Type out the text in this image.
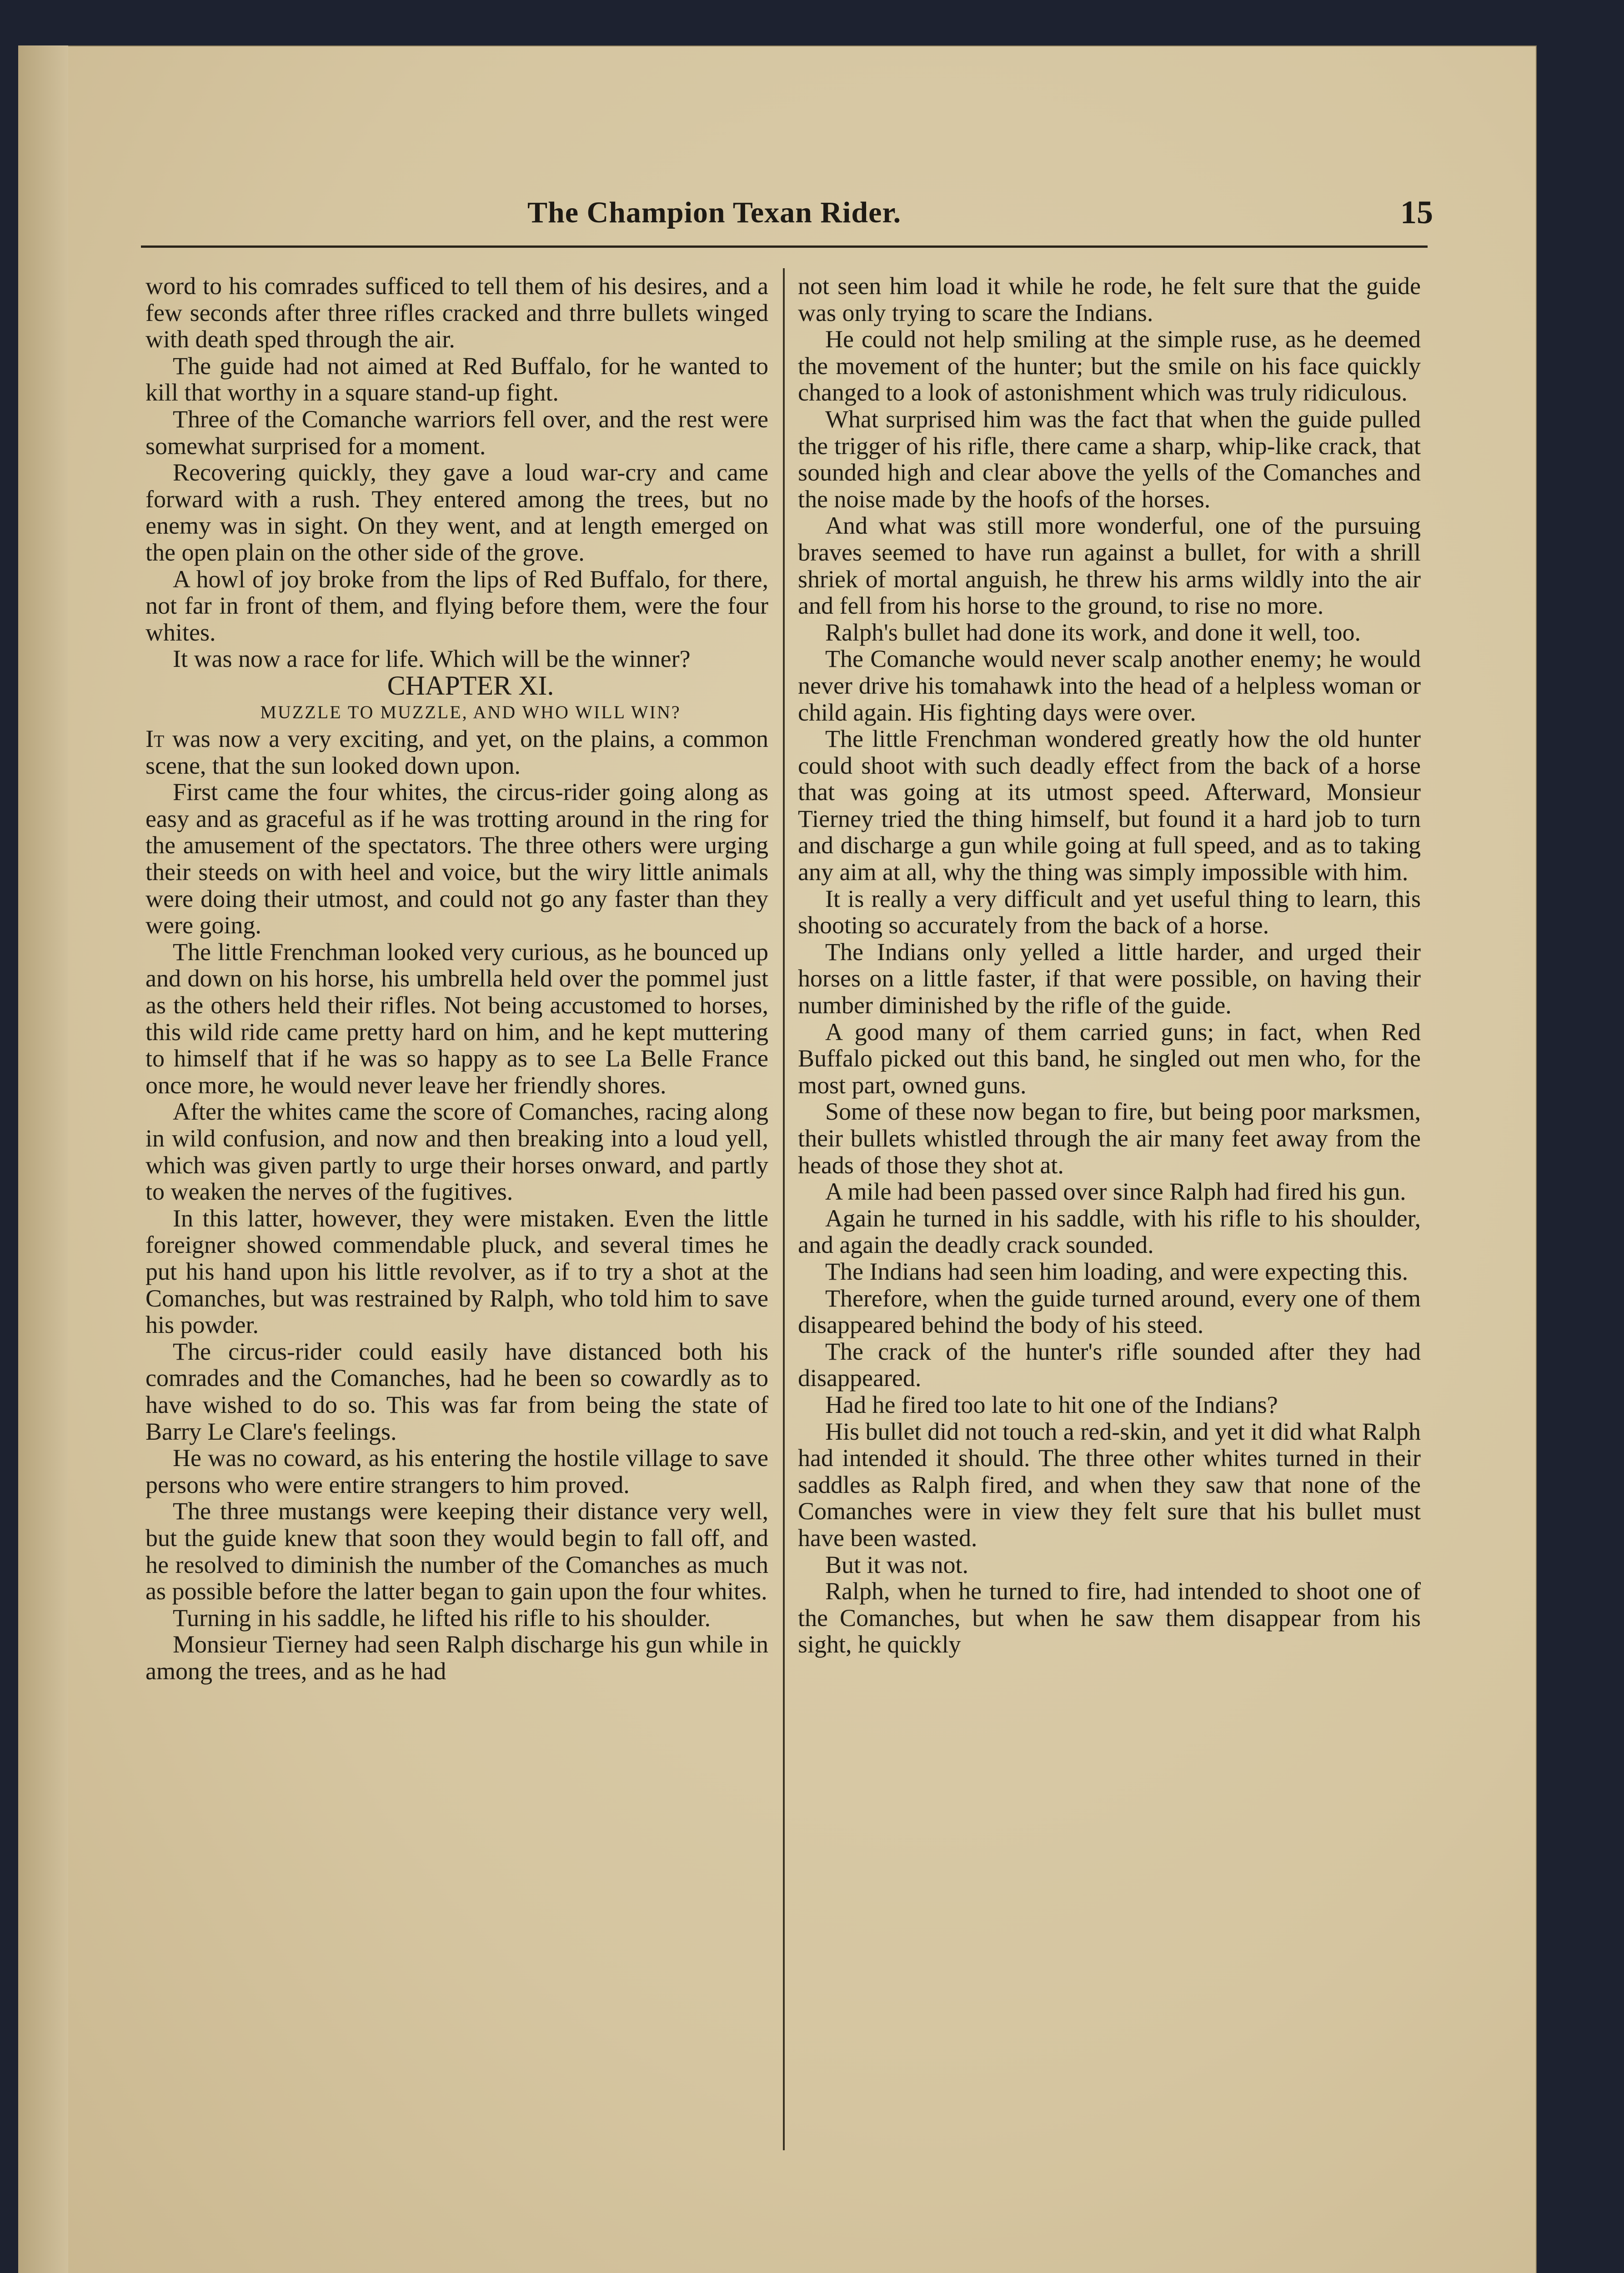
The Champion Texan Rider.	15

word to his comrades sufficed to tell them of his desires, and a few seconds after three rifles cracked and thrre bullets winged with death sped through the air.

The guide had not aimed at Red Buffalo, for he wanted to kill that worthy in a square stand-up fight.

Three of the Comanche warriors fell over, and the rest were somewhat surprised for a moment.

Recovering quickly, they gave a loud war-cry and came forward with a rush. They entered among the trees, but no enemy was in sight. On they went, and at length emerged on the open plain on the other side of the grove.

A howl of joy broke from the lips of Red Buffalo, for there, not far in front of them, and flying before them, were the four whites.

It was now a race for life. Which will be the winner?

CHAPTER XI.

MUZZLE TO MUZZLE, AND WHO WILL WIN?

It was now a very exciting, and yet, on the plains, a common scene, that the sun looked down upon.

First came the four whites, the circus-rider going along as easy and as graceful as if he was trotting around in the ring for the amusement of the spectators. The three others were urging their steeds on with heel and voice, but the wiry little animals were doing their utmost, and could not go any faster than they were going.

The little Frenchman looked very curious, as he bounced up and down on his horse, his umbrella held over the pommel just as the others held their rifles. Not being accustomed to horses, this wild ride came pretty hard on him, and he kept muttering to himself that if he was so happy as to see La Belle France once more, he would never leave her friendly shores.

After the whites came the score of Comanches, racing along in wild confusion, and now and then breaking into a loud yell, which was given partly to urge their horses onward, and partly to weaken the nerves of the fugitives.

In this latter, however, they were mistaken. Even the little foreigner showed commendable pluck, and several times he put his hand upon his little revolver, as if to try a shot at the Comanches, but was restrained by Ralph, who told him to save his powder.

The circus-rider could easily have distanced both his comrades and the Comanches, had he been so cowardly as to have wished to do so. This was far from being the state of Barry Le Clare's feelings.

He was no coward, as his entering the hostile village to save persons who were entire strangers to him proved.

The three mustangs were keeping their distance very well, but the guide knew that soon they would begin to fall off, and he resolved to diminish the number of the Comanches as much as possible before the latter began to gain upon the four whites.

Turning in his saddle, he lifted his rifle to his shoulder.

Monsieur Tierney had seen Ralph discharge his gun while in among the trees, and as he had

not seen him load it while he rode, he felt sure that the guide was only trying to scare the Indians.

He could not help smiling at the simple ruse, as he deemed the movement of the hunter; but the smile on his face quickly changed to a look of astonishment which was truly ridiculous.

What surprised him was the fact that when the guide pulled the trigger of his rifle, there came a sharp, whip-like crack, that sounded high and clear above the yells of the Comanches and the noise made by the hoofs of the horses.

And what was still more wonderful, one of the pursuing braves seemed to have run against a bullet, for with a shrill shriek of mortal anguish, he threw his arms wildly into the air and fell from his horse to the ground, to rise no more.

Ralph's bullet had done its work, and done it well, too.

The Comanche would never scalp another enemy; he would never drive his tomahawk into the head of a helpless woman or child again. His fighting days were over.

The little Frenchman wondered greatly how the old hunter could shoot with such deadly effect from the back of a horse that was going at its utmost speed. Afterward, Monsieur Tierney tried the thing himself, but found it a hard job to turn and discharge a gun while going at full speed, and as to taking any aim at all, why the thing was simply impossible with him.

It is really a very difficult and yet useful thing to learn, this shooting so accurately from the back of a horse.

The Indians only yelled a little harder, and urged their horses on a little faster, if that were possible, on having their number diminished by the rifle of the guide.

A good many of them carried guns; in fact, when Red Buffalo picked out this band, he singled out men who, for the most part, owned guns.

Some of these now began to fire, but being poor marksmen, their bullets whistled through the air many feet away from the heads of those they shot at.

A mile had been passed over since Ralph had fired his gun.

Again he turned in his saddle, with his rifle to his shoulder, and again the deadly crack sounded.

The Indians had seen him loading, and were expecting this.

Therefore, when the guide turned around, every one of them disappeared behind the body of his steed.

The crack of the hunter's rifle sounded after they had disappeared.

Had he fired too late to hit one of the Indians?

His bullet did not touch a red-skin, and yet it did what Ralph had intended it should. The three other whites turned in their saddles as Ralph fired, and when they saw that none of the Comanches were in view they felt sure that his bullet must have been wasted.

But it was not.

Ralph, when he turned to fire, had intended to shoot one of the Comanches, but when he saw them disappear from his sight, he quickly
